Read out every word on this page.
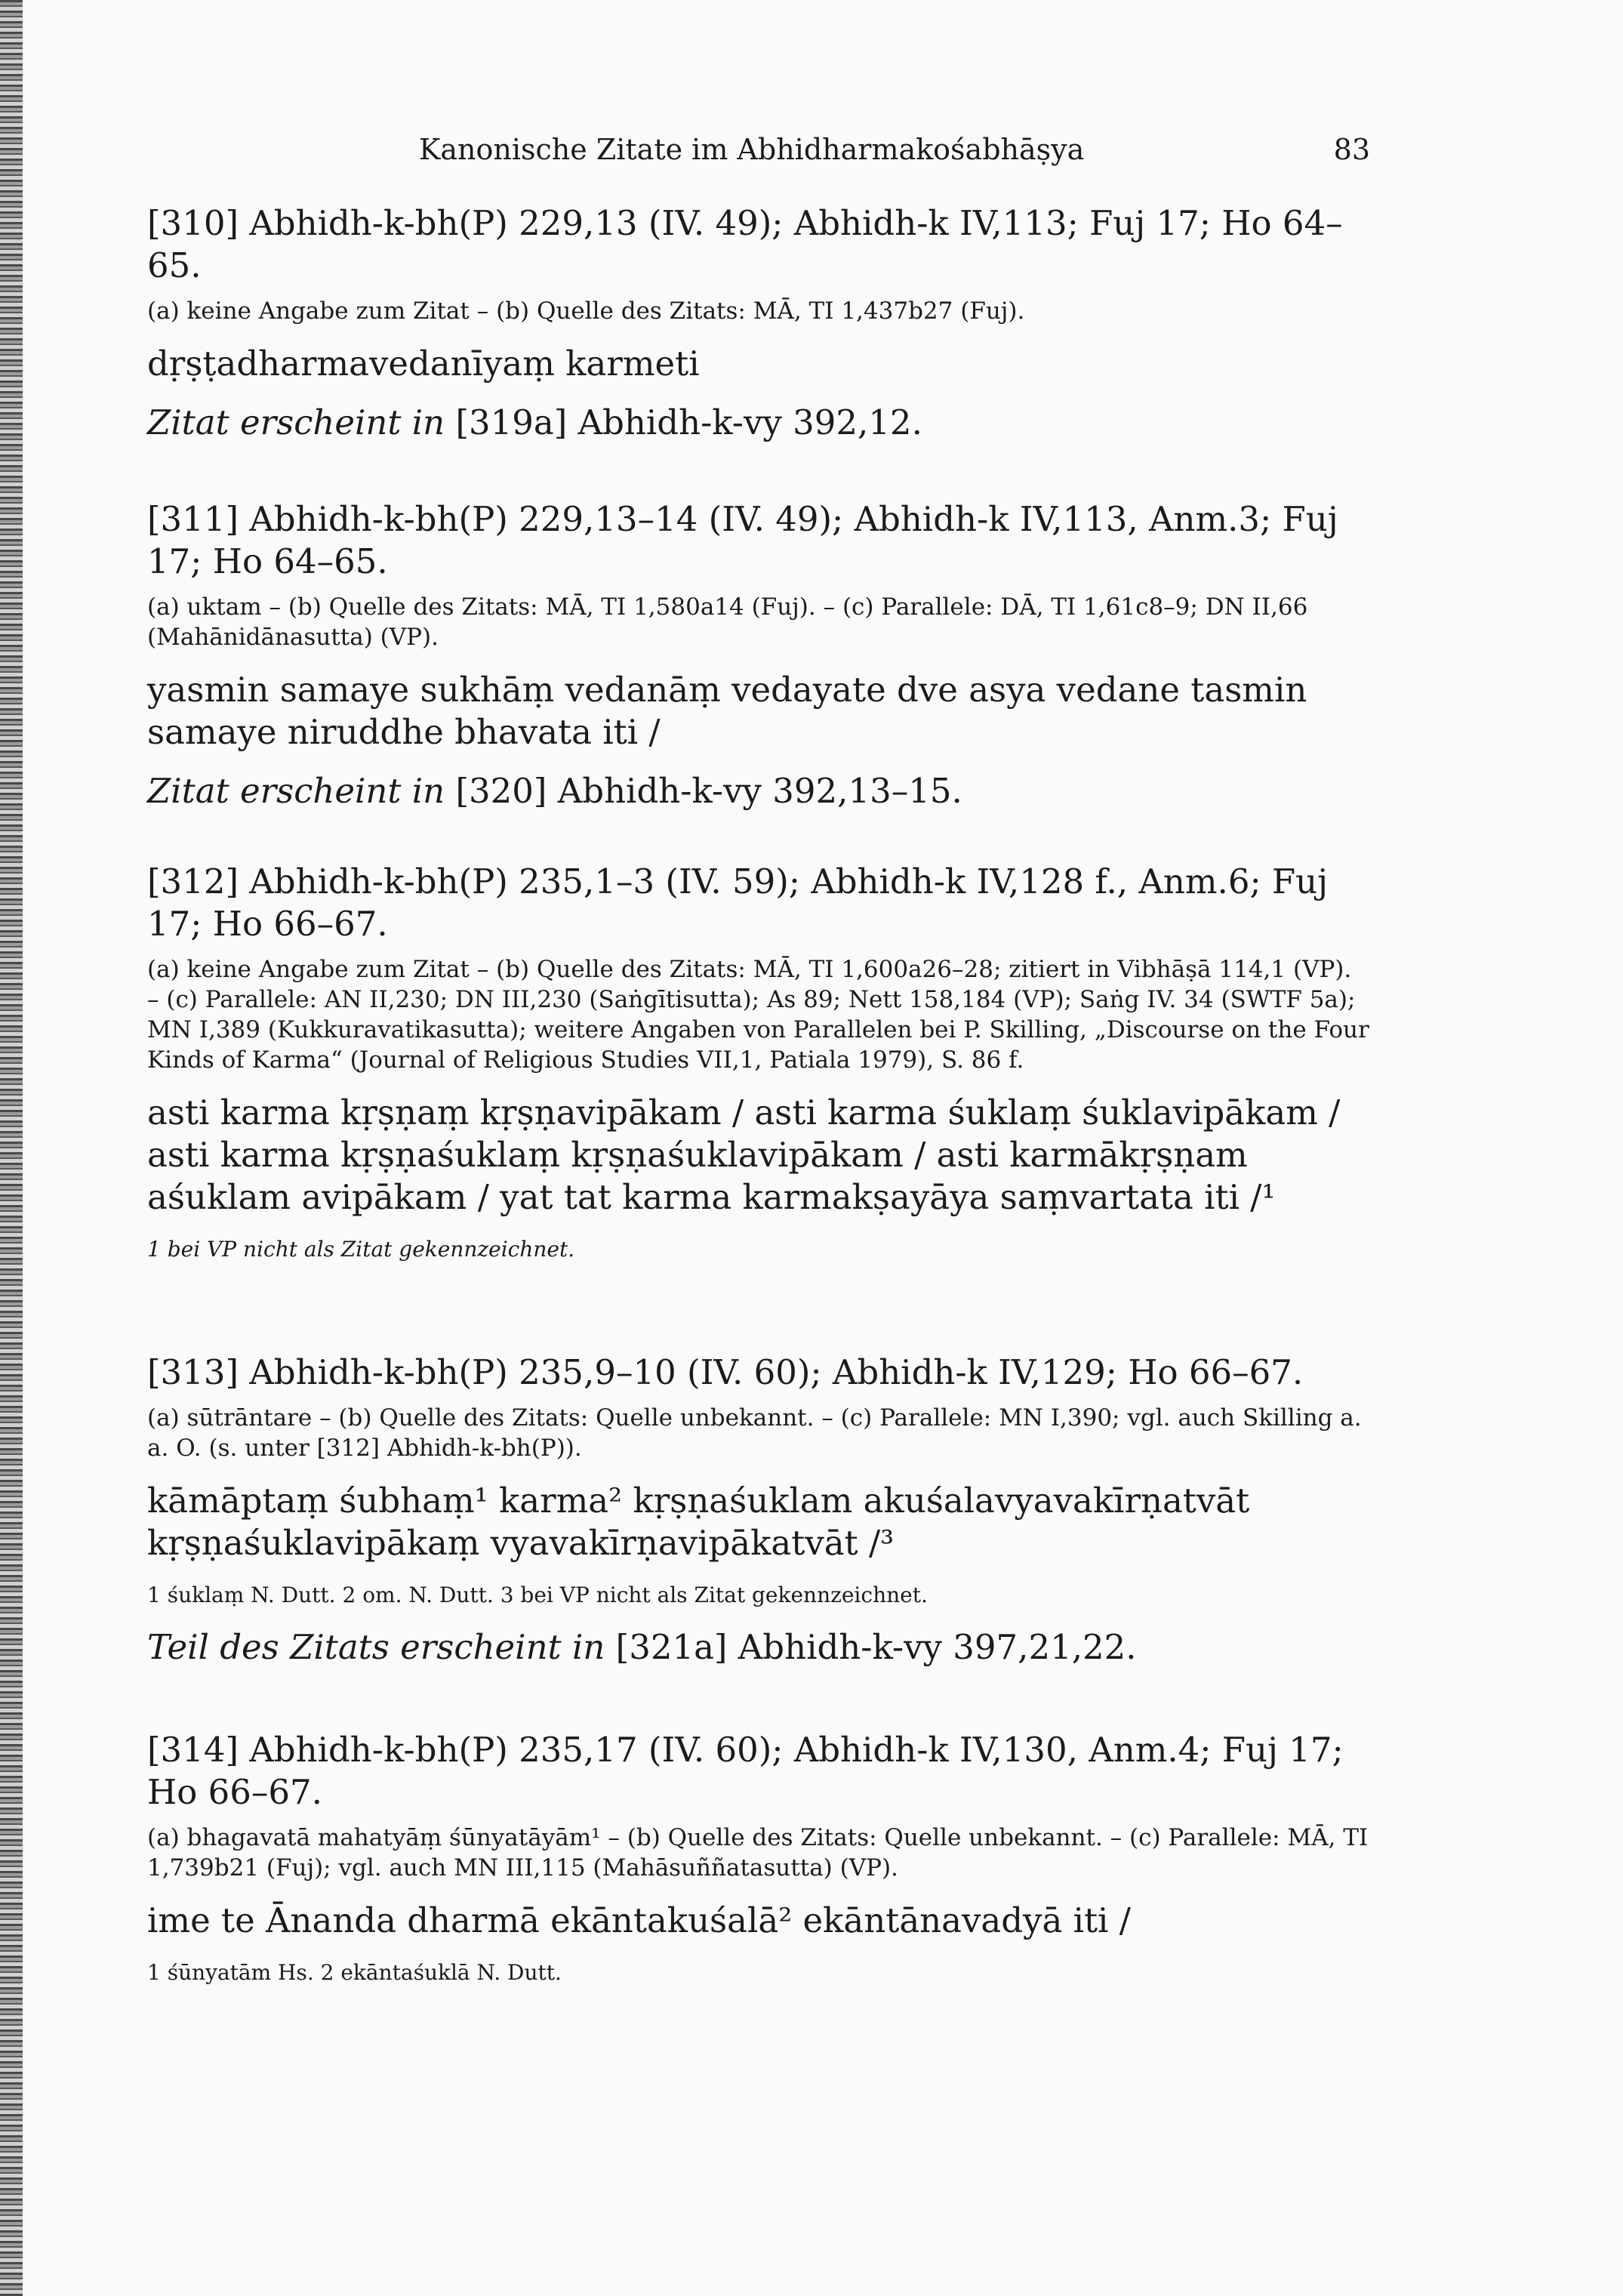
Kanonische Zitate im Abhidharmakośabhāṣya	83

[310] Abhidh-k-bh(P) 229,13 (IV. 49); Abhidh-k IV,113; Fuj 17; Ho 64–65.

(a) keine Angabe zum Zitat – (b) Quelle des Zitats: MĀ, TI 1,437b27 (Fuj).

dṛṣṭadharmavedanīyaṃ karmeti

Zitat erscheint in [319a] Abhidh-k-vy 392,12.

[311] Abhidh-k-bh(P) 229,13–14 (IV. 49); Abhidh-k IV,113, Anm.3; Fuj 17; Ho 64–65.

(a) uktam – (b) Quelle des Zitats: MĀ, TI 1,580a14 (Fuj). – (c) Parallele: DĀ, TI 1,61c8–9; DN II,66 (Mahānidānasutta) (VP).

yasmin samaye sukhāṃ vedanāṃ vedayate dve asya vedane tasmin samaye niruddhe bhavata iti /

Zitat erscheint in [320] Abhidh-k-vy 392,13–15.

[312] Abhidh-k-bh(P) 235,1–3 (IV. 59); Abhidh-k IV,128 f., Anm.6; Fuj 17; Ho 66–67.

(a) keine Angabe zum Zitat – (b) Quelle des Zitats: MĀ, TI 1,600a26–28; zitiert in Vibhāṣā 114,1 (VP). – (c) Parallele: AN II,230; DN III,230 (Saṅgītisutta); As 89; Nett 158,184 (VP); Saṅg IV. 34 (SWTF 5a); MN I,389 (Kukkuravatikasutta); weitere Angaben von Parallelen bei P. Skilling, „Discourse on the Four Kinds of Karma“ (Journal of Religious Studies VII,1, Patiala 1979), S. 86 f.

asti karma kṛṣṇaṃ kṛṣṇavipākam / asti karma śuklaṃ śuklavipākam / asti karma kṛṣṇaśuklaṃ kṛṣṇaśuklavipākam / asti karmākṛṣṇam aśuklam avipākam / yat tat karma karmakṣayāya saṃvartata iti /¹

1 bei VP nicht als Zitat gekennzeichnet.

[313] Abhidh-k-bh(P) 235,9–10 (IV. 60); Abhidh-k IV,129; Ho 66–67.

(a) sūtrāntare – (b) Quelle des Zitats: Quelle unbekannt. – (c) Parallele: MN I,390; vgl. auch Skilling a. a. O. (s. unter [312] Abhidh-k-bh(P)).

kāmāptaṃ śubhaṃ¹ karma² kṛṣṇaśuklam akuśalavyavakīrṇatvāt kṛṣṇaśuklavipākaṃ vyavakīrṇavipākatvāt /³

1 śuklaṃ N. Dutt. 2 om. N. Dutt. 3 bei VP nicht als Zitat gekennzeichnet.

Teil des Zitats erscheint in [321a] Abhidh-k-vy 397,21,22.

[314] Abhidh-k-bh(P) 235,17 (IV. 60); Abhidh-k IV,130, Anm.4; Fuj 17; Ho 66–67.

(a) bhagavatā mahatyāṃ śūnyatāyām¹ – (b) Quelle des Zitats: Quelle unbekannt. – (c) Parallele: MĀ, TI 1,739b21 (Fuj); vgl. auch MN III,115 (Mahāsuññatasutta) (VP).

ime te Ānanda dharmā ekāntakuśalā² ekāntānavadyā iti /

1 śūnyatām Hs. 2 ekāntaśuklā N. Dutt.
